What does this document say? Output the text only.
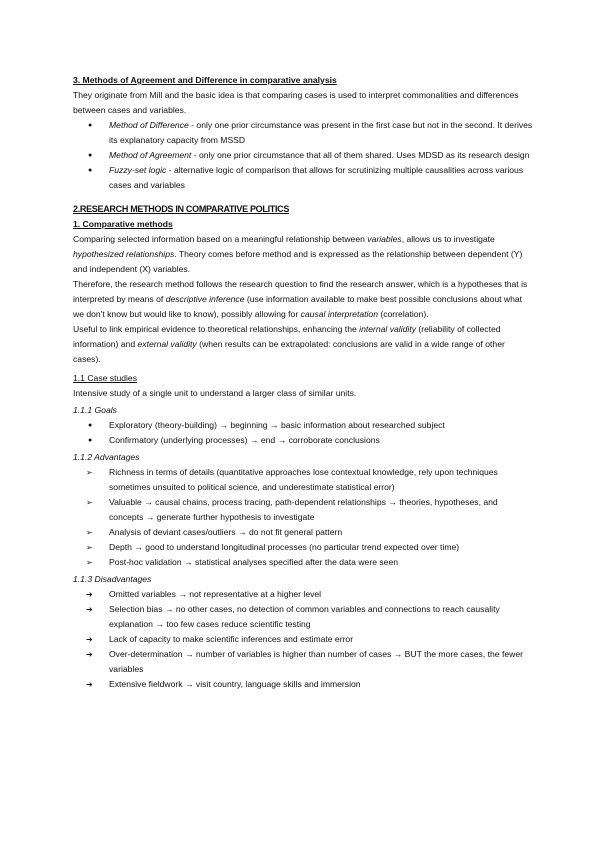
3. Methods of Agreement and Difference in comparative analysis

They originate from Mill and the basic idea is that comparing cases is used to interpret commonalities and differences between cases and variables.

● Method of Difference - only one prior circumstance was present in the first case but not in the second. It derives its explanatory capacity from MSSD
● Method of Agreement - only one prior circumstance that all of them shared. Uses MDSD as its research design
● Fuzzy-set logic - alternative logic of comparison that allows for scrutinizing multiple causalities across various cases and variables

2.RESEARCH METHODS IN COMPARATIVE POLITICS

1. Comparative methods

Comparing selected information based on a meaningful relationship between variables, allows us to investigate hypothesized relationships. Theory comes before method and is expressed as the relationship between dependent (Y) and independent (X) variables.

Therefore, the research method follows the research question to find the research answer, which is a hypotheses that is interpreted by means of descriptive inference (use information available to make best possible conclusions about what we don't know but would like to know), possibly allowing for causal interpretation (correlation).

Useful to link empirical evidence to theoretical relationships, enhancing the internal validity (reliability of collected information) and external validity (when results can be extrapolated: conclusions are valid in a wide range of other cases).

1.1 Case studies

Intensive study of a single unit to understand a larger class of similar units.

1.1.1 Goals

● Exploratory (theory-building) → beginning → basic information about researched subject
● Confirmatory (underlying processes) → end → corroborate conclusions

1.1.2 Advantages

➢ Richness in terms of details (quantitative approaches lose contextual knowledge, rely upon techniques sometimes unsuited to political science, and underestimate statistical error)
➢ Valuable → causal chains, process tracing, path-dependent relationships → theories, hypotheses, and concepts → generate further hypothesis to investigate
➢ Analysis of deviant cases/outliers → do not fit general pattern
➢ Depth → good to understand longitudinal processes (no particular trend expected over time)
➢ Post-hoc validation → statistical analyses specified after the data were seen

1.1.3 Disadvantages

➔ Omitted variables → not representative at a higher level
➔ Selection bias → no other cases, no detection of common variables and connections to reach causality explanation → too few cases reduce scientific testing
➔ Lack of capacity to make scientific inferences and estimate error
➔ Over-determination → number of variables is higher than number of cases → BUT the more cases, the fewer variables
➔ Extensive fieldwork → visit country, language skills and immersion
